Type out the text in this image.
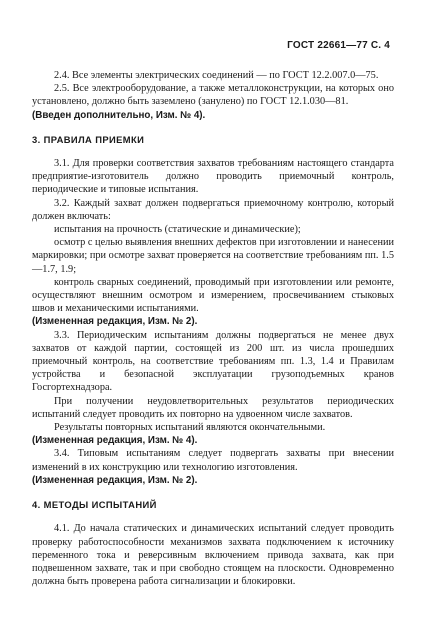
ГОСТ 22661—77 С. 4

2.4. Все элементы электрических соединений — по ГОСТ 12.2.007.0—75.

2.5. Все электрооборудование, а также металлоконструкции, на которых оно установлено, должно быть заземлено (занулено) по ГОСТ 12.1.030—81.

(Введен дополнительно, Изм. № 4).

3. ПРАВИЛА ПРИЕМКИ

3.1. Для проверки соответствия захватов требованиям настоящего стандарта предприятие-изготовитель должно проводить приемочный контроль, периодические и типовые испытания.

3.2. Каждый захват должен подвергаться приемочному контролю, который должен включать:

испытания на прочность (статические и динамические);

осмотр с целью выявления внешних дефектов при изготовлении и нанесении маркировки; при осмотре захват проверяется на соответствие требованиям пп. 1.5—1.7, 1.9;

контроль сварных соединений, проводимый при изготовлении или ремонте, осуществляют внешним осмотром и измерением, просвечиванием стыковых швов и механическими испытаниями.

(Измененная редакция, Изм. № 2).

3.3. Периодическим испытаниям должны подвергаться не менее двух захватов от каждой партии, состоящей из 200 шт. из числа прошедших приемочный контроль, на соответствие требованиям пп. 1.3, 1.4 и Правилам устройства и безопасной эксплуатации грузоподъемных кранов Госгортехнадзора.

При получении неудовлетворительных результатов периодических испытаний следует проводить их повторно на удвоенном числе захватов.

Результаты повторных испытаний являются окончательными.

(Измененная редакция, Изм. № 4).

3.4. Типовым испытаниям следует подвергать захваты при внесении изменений в их конструкцию или технологию изготовления.

(Измененная редакция, Изм. № 2).

4. МЕТОДЫ ИСПЫТАНИЙ

4.1. До начала статических и динамических испытаний следует проводить проверку работоспособности механизмов захвата подключением к источнику переменного тока и реверсивным включением привода захвата, как при подвешенном захвате, так и при свободно стоящем на плоскости. Одновременно должна быть проверена работа сигнализации и блокировки.
